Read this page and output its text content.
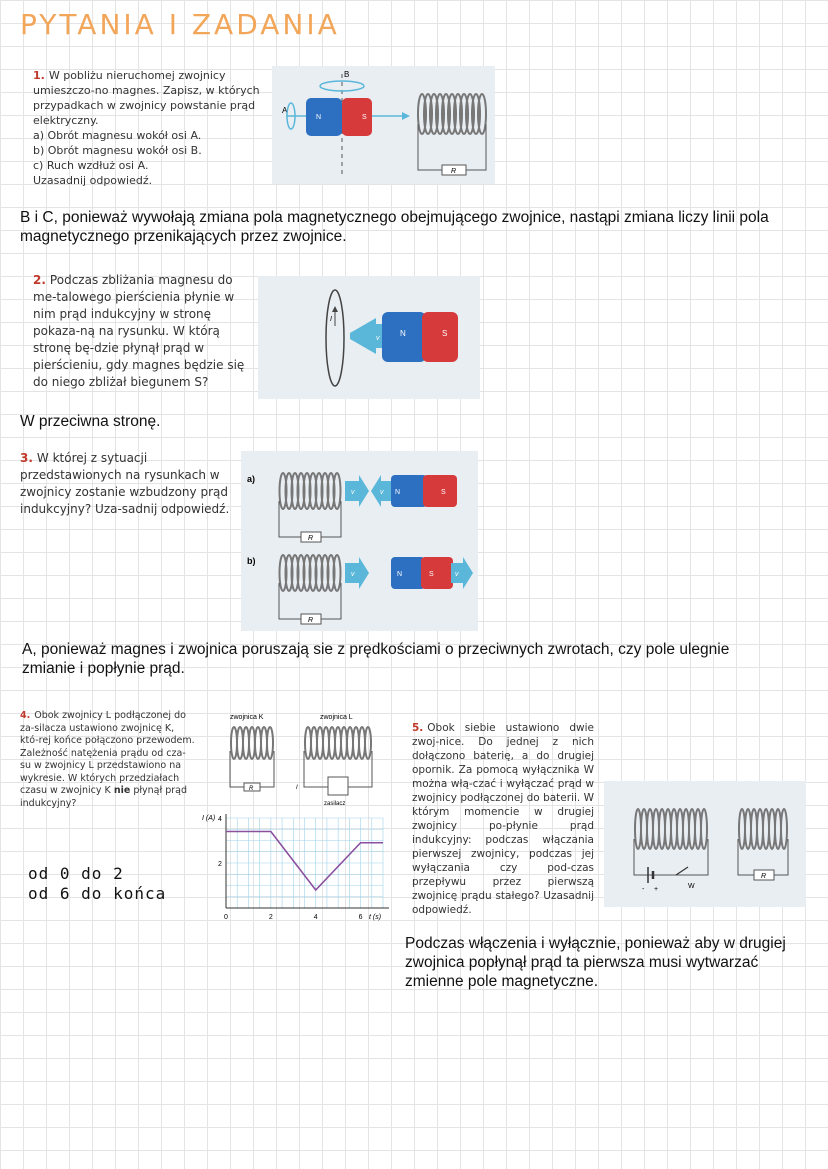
PYTANIA I ZADANIA
1. W pobliżu nieruchomej zwojnicy umieszczo-no magnes. Zapisz, w których przypadkach w zwojnicy powstanie prąd elektryczny.
a) Obrót magnesu wokół osi A.
b) Obrót magnesu wokół osi B.
c) Ruch wzdłuż osi A.
Uzasadnij odpowiedź.
B
A
N	S
R
B i C, ponieważ wywołają zmiana pola magnetycznego obejmującego zwojnice, nastąpi zmiana liczy linii pola magnetycznego przenikających przez zwojnice.
2. Podczas zbliżania magnesu do me-talowego pierścienia płynie w nim prąd indukcyjny w stronę pokaza-ną na rysunku. W którą stronę bę-dzie płynął prąd w pierścieniu, gdy magnes będzie się do niego zbliżał biegunem S?
I
v
N	S
W przeciwna stronę.
3. W której z sytuacji przedstawionych na rysunkach w zwojnicy zostanie wzbudzony prąd indukcyjny? Uza-sadnij odpowiedź.
a)
R
v	v N	S
b)
R
v	N	S	v
A, ponieważ magnes i zwojnica poruszają sie z prędkościami o przeciwnych zwrotach, czy pole ulegnie zmianie i popłynie prąd.
4. Obok zwojnicy L podłączonej do za-silacza ustawiono zwojnicę K, któ-rej końce połączono przewodem. Zależność natężenia prądu od cza-su w zwojnicy L przedstawiono na wykresie. W których przedziałach czasu w zwojnicy K nie płynął prąd indukcyjny?
od 0 do 2
od 6 do końca
zwojnica K	zwojnica L
R	I
zasilacz
I (A)
t (s)
0	2	4	6
2
4
5. Obok siebie ustawiono dwie zwoj-nice. Do jednej z nich dołączono baterię, a do drugiej opornik. Za pomocą wyłącznika W można włą-czać i wyłączać prąd w zwojnicy podłączonej do baterii. W którym momencie w drugiej zwojnicy po-płynie prąd indukcyjny: podczas włączania pierwszej zwojnicy, podczas jej wyłączania czy pod-czas przepływu przez pierwszą zwojnicę prądu stałego? Uzasadnij odpowiedź.
- +	W
R
Podczas włączenia i wyłącznie, ponieważ aby w drugiej zwojnica popłynął prąd ta pierwsza musi wytwarzać zmienne pole magnetyczne.
